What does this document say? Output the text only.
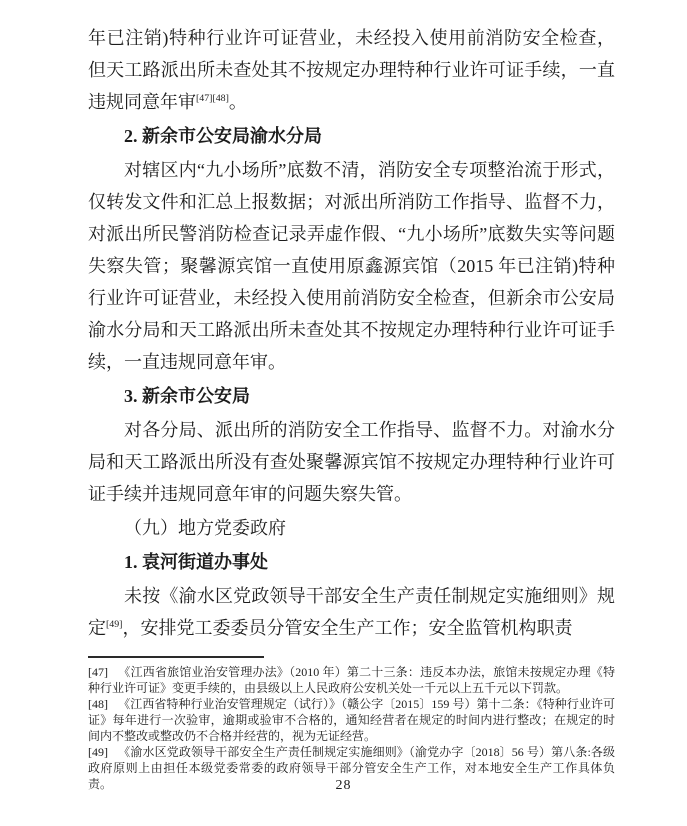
年已注销)特种行业许可证营业，未经投入使用前消防安全检查，但天工路派出所未查处其不按规定办理特种行业许可证手续，一直违规同意年审[47][48]。
2. 新余市公安局渝水分局
对辖区内“九小场所”底数不清，消防安全专项整治流于形式，仅转发文件和汇总上报数据；对派出所消防工作指导、监督不力，对派出所民警消防检查记录弄虚作假、“九小场所”底数失实等问题失察失管；聚馨源宾馆一直使用原鑫源宾馆（2015 年已注销)特种行业许可证营业，未经投入使用前消防安全检查，但新余市公安局渝水分局和天工路派出所未查处其不按规定办理特种行业许可证手续，一直违规同意年审。
3. 新余市公安局
对各分局、派出所的消防安全工作指导、监督不力。对渝水分局和天工路派出所没有查处聚馨源宾馆不按规定办理特种行业许可证手续并违规同意年审的问题失察失管。
（九）地方党委政府
1. 袁河街道办事处
未按《渝水区党政领导干部安全生产责任制规定实施细则》规定[49]，安排党工委委员分管安全生产工作；安全监管机构职责
[47] 《江西省旅馆业治安管理办法》（2010 年）第二十三条：违反本办法，旅馆未按规定办理《特种行业许可证》变更手续的，由县级以上人民政府公安机关处一千元以上五千元以下罚款。
[48] 《江西省特种行业治安管理规定（试行）》（赣公字〔2015〕159 号）第十二条：《特种行业许可证》每年进行一次验审，逾期或验审不合格的，通知经营者在规定的时间内进行整改；在规定的时间内不整改或整改仍不合格并经营的，视为无证经营。
[49] 《渝水区党政领导干部安全生产责任制规定实施细则》（渝党办字〔2018〕56 号）第八条:各级政府原则上由担任本级党委常委的政府领导干部分管安全生产工作，对本地安全生产工作具体负责。	28
